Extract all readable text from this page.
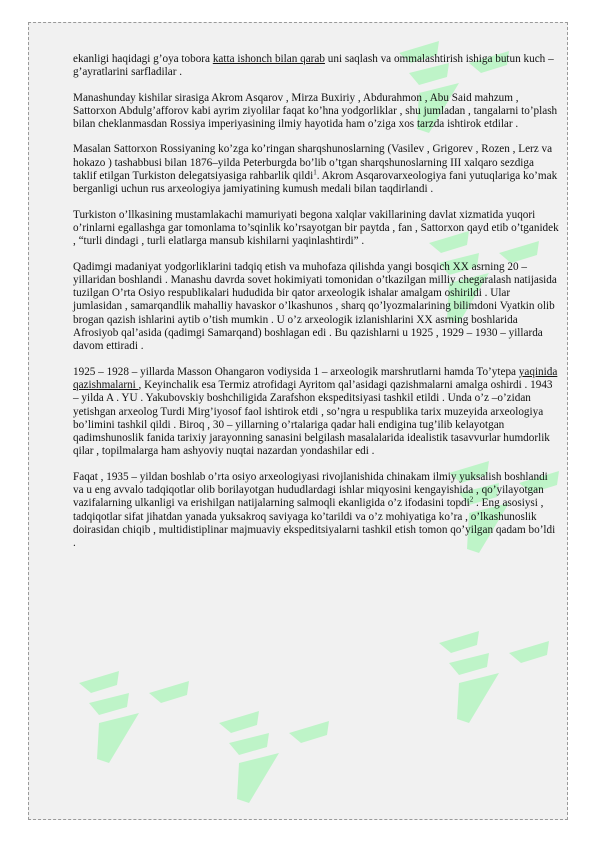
ekanligi haqidagi g’oya tobora katta ishonch bilan qarab uni saqlash va ommalashtirish ishiga butun kuch – g’ayratlarini sarfladilar .

Manashunday kishilar sirasiga Akrom Asqarov , Mirza Buxiriy , Abdurahmon , Abu Said mahzum , Sattorxon Abdulg’afforov kabi ayrim ziyolilar faqat ko’hna yodgorliklar , shu jumladan , tangalarni to’plash bilan cheklanmasdan Rossiya imperiyasining ilmiy hayotida ham o’ziga xos tarzda ishtirok etdilar .

Masalan Sattorxon Rossiyaning ko’zga ko’ringan sharqshunoslarning (Vasilev , Grigorev , Rozen , Lerz va hokazo ) tashabbusi bilan 1876–yilda Peterburgda bo’lib o’tgan sharqshunoslarning III xalqaro sezdiga taklif etilgan Turkiston delegatsiyasiga rahbarlik qildi$^1$. Akrom Asqarovarxeologiya fani yutuqlariga ko’mak berganligi uchun rus arxeologiya jamiyatining kumush medali bilan taqdirlandi .

Turkiston o’llkasining mustamlakachi mamuriyati begona xalqlar vakillarining davlat xizmatida yuqori o’rinlarni egallashga gar tomonlama to’sqinlik ko’rsayotgan bir paytda , fan , Sattorxon qayd etib o’tganidek , “turli dindagi , turli elatlarga mansub kishilarni yaqinlashtirdi” .

Qadimgi madaniyat yodgorliklarini tadqiq etish va muhofaza qilishda yangi bosqich XX asrning 20 – yillaridan boshlandi . Manashu davrda sovet hokimiyati tomonidan o’tkazilgan milliy chegaralash natijasida tuzilgan O’rta Osiyo respublikalari hududida bir qator arxeologik ishalar amalgam oshirildi . Ular jumlasidan , samarqandlik mahalliy havaskor o’lkashunos , sharq qo’lyozmalarining bilimdoni Vyatkin olib brogan qazish ishlarini aytib o’tish mumkin . U o’z arxeologik izlanishlarini XX asrning boshlarida Afrosiyob qal’asida (qadimgi Samarqand) boshlagan edi . Bu qazishlarni u 1925 , 1929 – 1930 – yillarda davom ettiradi .

1925 – 1928 – yillarda Masson Ohangaron vodiysida 1 – arxeologik marshrutlarni hamda To’ytepa yaqinida qazishmalarni , Keyinchalik esa Termiz atrofidagi Ayritom qal’asidagi qazishmalarni amalga oshirdi . 1943 – yilda A . YU . Yakubovskiy boshchiligida Zarafshon ekspeditsiyasi tashkil etildi . Unda o’z –o’zidan yetishgan arxeolog Turdi Mirg’iyosof faol ishtirok etdi , so’ngra u respublika tarix muzeyida arxeologiya bo’limini tashkil qildi . Biroq , 30 – yillarning o’rtalariga qadar hali endigina tug’ilib kelayotgan qadimshunoslik fanida tarixiy jarayonning sanasini belgilash masalalarida idealistik tasavvurlar humdorlik qilar , topilmalarga ham ashyoviy nuqtai nazardan yondashilar edi .

Faqat , 1935 – yildan boshlab o’rta osiyo arxeologiyasi rivojlanishida chinakam ilmiy yuksalish boshlandi va u eng avvalo tadqiqotlar olib borilayotgan hududlardagi ishlar miqyosini kengayishida , qo’yilayotgan vazifalarning ulkanligi va erishilgan natijalarning salmoqli ekanligida o’z ifodasini topdi$^2$ . Eng asosiysi , tadqiqotlar sifat jihatdan yanada yuksakroq saviyaga ko’tarildi va o’z mohiyatiga ko’ra , o’lkashunoslik doirasidan chiqib , multidistiplinar majmuaviy ekspeditsiyalarni tashkil etish tomon qo’yilgan qadam bo’ldi .
